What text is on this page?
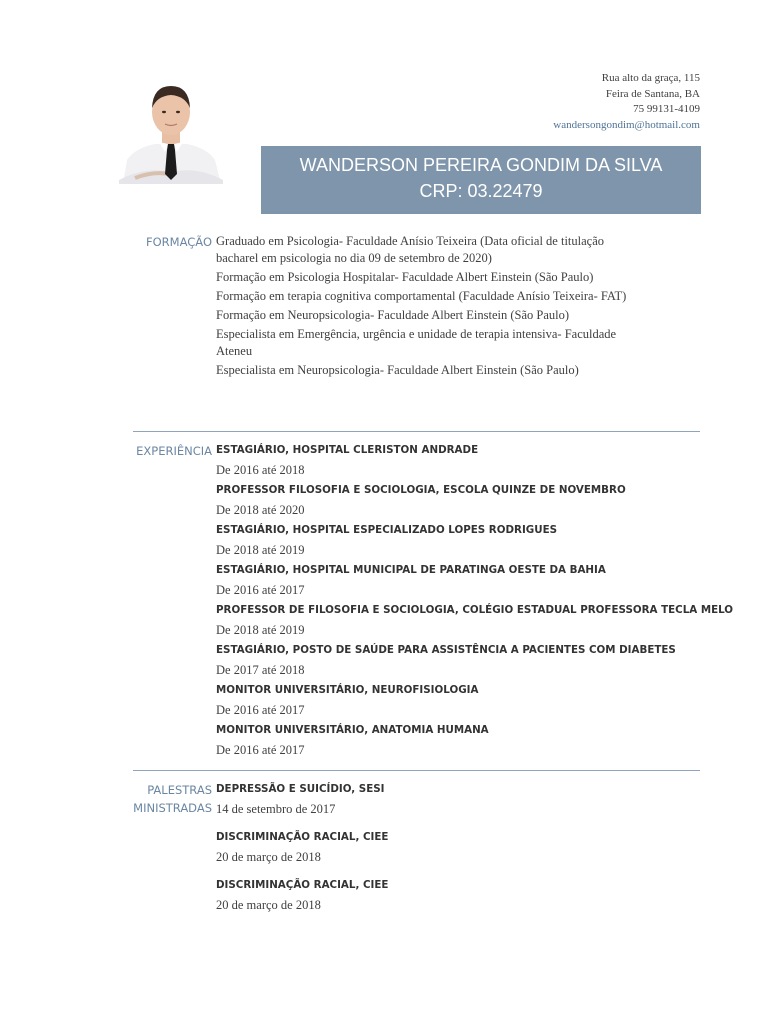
Rua alto da graça, 115
Feira de Santana, BA
75 99131-4109
wandersongondim@hotmail.com
WANDERSON PEREIRA GONDIM DA SILVA
CRP: 03.22479
FORMAÇÃO Graduado em Psicologia- Faculdade Anísio Teixeira (Data oficial de titulação bacharel em psicologia no dia 09 de setembro de 2020)
Formação em Psicologia Hospitalar- Faculdade Albert Einstein (São Paulo)
Formação em terapia cognitiva comportamental (Faculdade Anísio Teixeira- FAT)
Formação em Neuropsicologia- Faculdade Albert Einstein (São Paulo)
Especialista em Emergência, urgência e unidade de terapia intensiva- Faculdade Ateneu
Especialista em Neuropsicologia- Faculdade Albert Einstein (São Paulo)
EXPERIÊNCIA ESTAGIÁRIO, HOSPITAL CLERISTON ANDRADE
De 2016 até 2018
PROFESSOR FILOSOFIA E SOCIOLOGIA, ESCOLA QUINZE DE NOVEMBRO
De 2018 até 2020
ESTAGIÁRIO, HOSPITAL ESPECIALIZADO LOPES RODRIGUES
De 2018 até 2019
ESTAGIÁRIO, HOSPITAL MUNICIPAL DE PARATINGA OESTE DA BAHIA
De 2016 até 2017
PROFESSOR DE FILOSOFIA E SOCIOLOGIA, COLÉGIO ESTADUAL PROFESSORA TECLA MELO
De 2018 até 2019
ESTAGIÁRIO, POSTO DE SAÚDE PARA ASSISTÊNCIA A PACIENTES COM DIABETES
De 2017 até 2018
MONITOR UNIVERSITÁRIO, NEUROFISIOLOGIA
De 2016 até 2017
MONITOR UNIVERSITÁRIO, ANATOMIA HUMANA
De 2016 até 2017
PALESTRAS
MINISTRADAS
DEPRESSÃO E SUICÍDIO, SESI
14 de setembro de 2017
DISCRIMINAÇÃO RACIAL, CIEE
20 de março de 2018
DISCRIMINAÇÃO RACIAL, CIEE
20 de março de 2018
